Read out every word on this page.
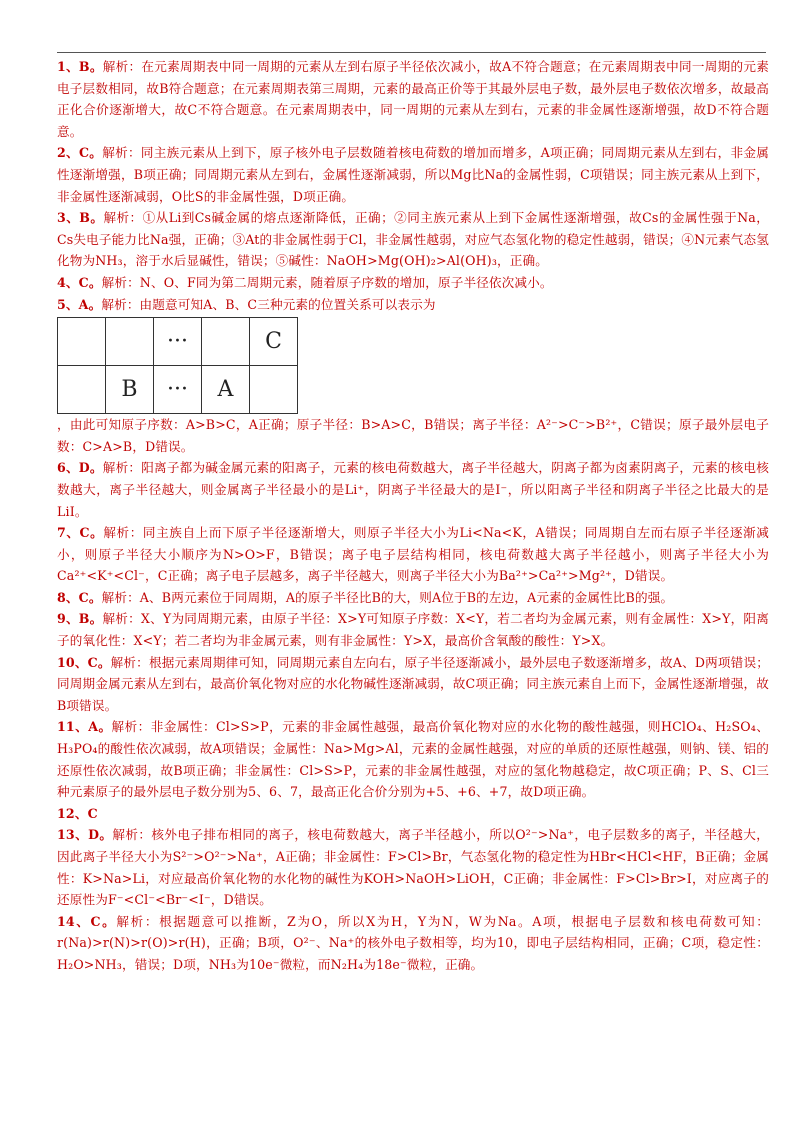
1、B。解析：在元素周期表中同一周期的元素从左到右原子半径依次减小，故A不符合题意；在元素周期表中同一周期的元素电子层数相同，故B符合题意；在元素周期表第三周期，元素的最高正价等于其最外层电子数，最外层电子数依次增多，故最高正化合价逐渐增大，故C不符合题意。在元素周期表中，同一周期的元素从左到右，元素的非金属性逐渐增强，故D不符合题意。

2、C。解析：同主族元素从上到下，原子核外电子层数随着核电荷数的增加而增多，A项正确；同周期元素从左到右，非金属性逐渐增强，B项正确；同周期元素从左到右，金属性逐渐减弱，所以Mg比Na的金属性弱，C项错误；同主族元素从上到下，非金属性逐渐减弱，O比S的非金属性强，D项正确。

3、B。解析：①从Li到Cs碱金属的熔点逐渐降低，正确；②同主族元素从上到下金属性逐渐增强，故Cs的金属性强于Na，Cs失电子能力比Na强，正确；③At的非金属性弱于Cl，非金属性越弱，对应气态氢化物的稳定性越弱，错误；④N元素气态氢化物为NH₃，溶于水后显碱性，错误；⑤碱性：NaOH>Mg(OH)₂>Al(OH)₃，正确。

4、C。解析：N、O、F同为第二周期元素，随着原子序数的增加，原子半径依次减小。

5、A。解析：由题意可知A、B、C三种元素的位置关系可以表示为

		···		C
	B	···	A	

，由此可知原子序数：A>B>C，A正确；原子半径：B>A>C，B错误；离子半径：A²⁻>C⁻>B²⁺，C错误；原子最外层电子数：C>A>B，D错误。

6、D。解析：阳离子都为碱金属元素的阳离子，元素的核电荷数越大，离子半径越大，阴离子都为卤素阴离子，元素的核电核数越大，离子半径越大，则金属离子半径最小的是Li⁺，阴离子半径最大的是I⁻，所以阳离子半径和阴离子半径之比最大的是LiI。

7、C。解析：同主族自上而下原子半径逐渐增大，则原子半径大小为Li<Na<K，A错误；同周期自左而右原子半径逐渐减小，则原子半径大小顺序为N>O>F，B错误；离子电子层结构相同，核电荷数越大离子半径越小，则离子半径大小为Ca²⁺<K⁺<Cl⁻，C正确；离子电子层越多，离子半径越大，则离子半径大小为Ba²⁺>Ca²⁺>Mg²⁺，D错误。

8、C。解析：A、B两元素位于同周期，A的原子半径比B的大，则A位于B的左边，A元素的金属性比B的强。

9、B。解析：X、Y为同周期元素，由原子半径：X>Y可知原子序数：X<Y，若二者均为金属元素，则有金属性：X>Y，阳离子的氧化性：X<Y；若二者均为非金属元素，则有非金属性：Y>X，最高价含氧酸的酸性：Y>X。

10、C。解析：根据元素周期律可知，同周期元素自左向右，原子半径逐渐减小，最外层电子数逐渐增多，故A、D两项错误；同周期金属元素从左到右，最高价氧化物对应的水化物碱性逐渐减弱，故C项正确；同主族元素自上而下，金属性逐渐增强，故B项错误。

11、A。解析：非金属性：Cl>S>P，元素的非金属性越强，最高价氧化物对应的水化物的酸性越强，则HClO₄、H₂SO₄、H₃PO₄的酸性依次减弱，故A项错误；金属性：Na>Mg>Al，元素的金属性越强，对应的单质的还原性越强，则钠、镁、铝的还原性依次减弱，故B项正确；非金属性：Cl>S>P，元素的非金属性越强，对应的氢化物越稳定，故C项正确；P、S、Cl三种元素原子的最外层电子数分别为5、6、7，最高正化合价分别为+5、+6、+7，故D项正确。

12、C

13、D。解析：核外电子排布相同的离子，核电荷数越大，离子半径越小，所以O²⁻>Na⁺，电子层数多的离子，半径越大，因此离子半径大小为S²⁻>O²⁻>Na⁺，A正确；非金属性：F>Cl>Br，气态氢化物的稳定性为HBr<HCl<HF，B正确；金属性：K>Na>Li，对应最高价氧化物的水化物的碱性为KOH>NaOH>LiOH，C正确；非金属性：F>Cl>Br>I，对应离子的还原性为F⁻<Cl⁻<Br⁻<I⁻，D错误。

14、C。解析：根据题意可以推断，Z为O，所以X为H，Y为N，W为Na。A项，根据电子层数和核电荷数可知：r(Na)>r(N)>r(O)>r(H)，正确；B项，O²⁻、Na⁺的核外电子数相等，均为10，即电子层结构相同，正确；C项，稳定性：H₂O>NH₃，错误；D项，NH₃为10e⁻微粒，而N₂H₄为18e⁻微粒，正确。
